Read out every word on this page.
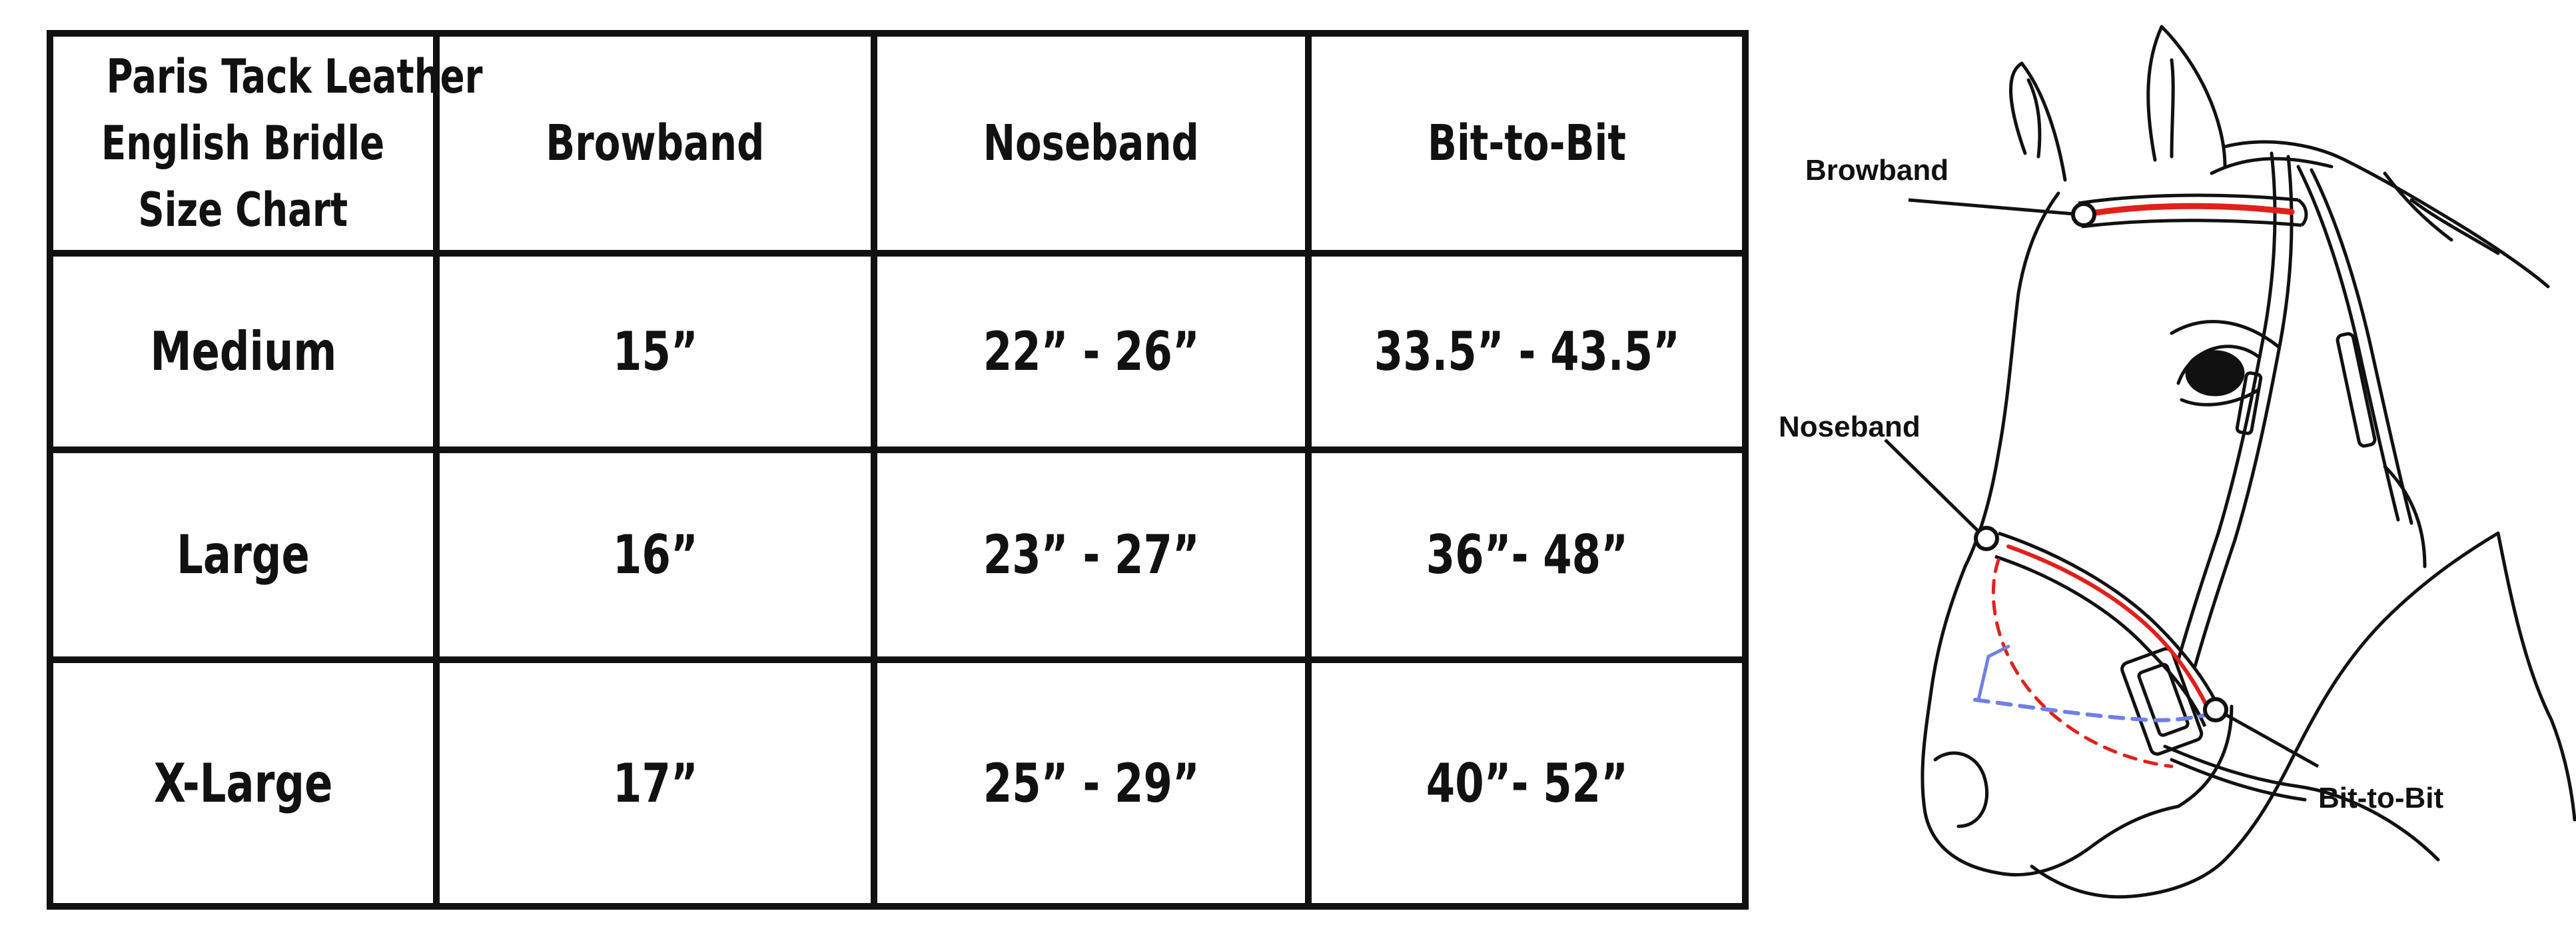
Paris Tack Leather
English Bridle
Size Chart	Browband	Noseband	Bit-to-Bit
Medium	15”	22” - 26”	33.5” - 43.5”
Large	16”	23” - 27”	36”- 48”
X-Large	17”	25” - 29”	40”- 52”
Browband
Noseband
Bit-to-Bit
